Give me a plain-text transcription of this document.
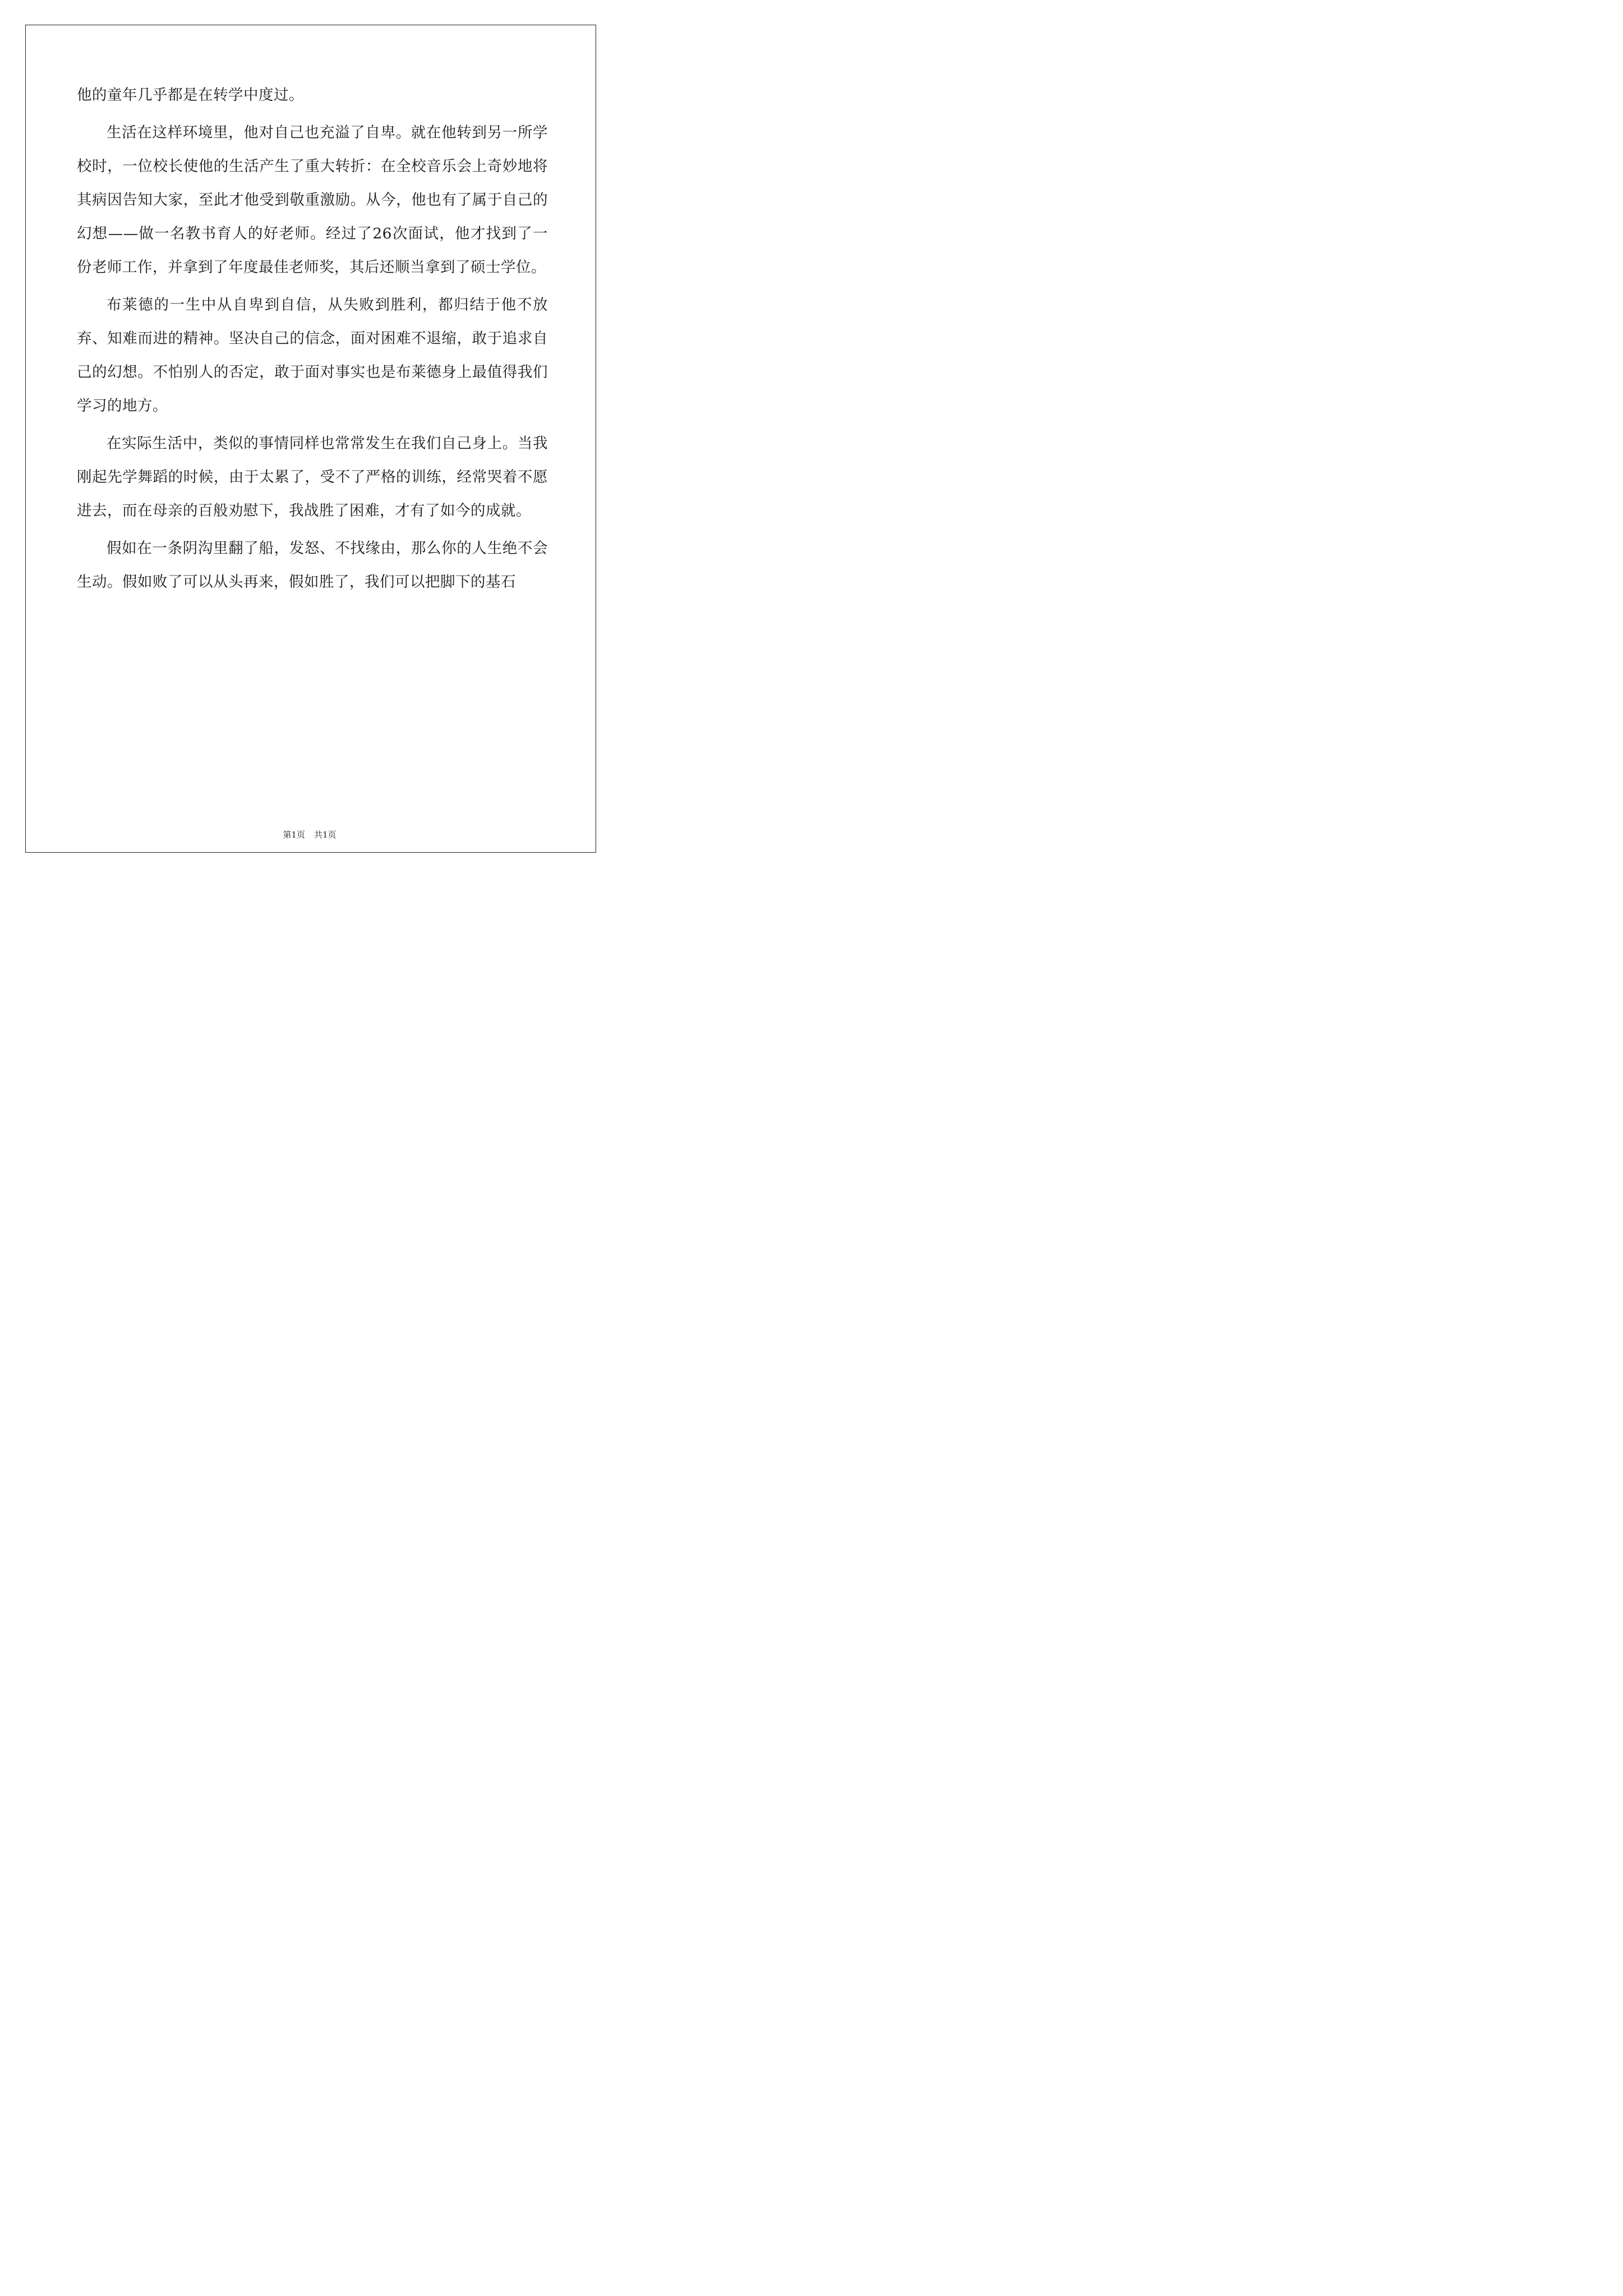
他的童年几乎都是在转学中度过。

生活在这样环境里，他对自己也充溢了自卑。就在他转到另一所学校时，一位校长使他的生活产生了重大转折：在全校音乐会上奇妙地将其病因告知大家，至此才他受到敬重激励。从今，他也有了属于自己的幻想——做一名教书育人的好老师。经过了26次面试，他才找到了一份老师工作，并拿到了年度最佳老师奖，其后还顺当拿到了硕士学位。

布莱德的一生中从自卑到自信，从失败到胜利，都归结于他不放弃、知难而进的精神。坚决自己的信念，面对困难不退缩，敢于追求自己的幻想。不怕别人的否定，敢于面对事实也是布莱德身上最值得我们学习的地方。

在实际生活中，类似的事情同样也常常发生在我们自己身上。当我刚起先学舞蹈的时候，由于太累了，受不了严格的训练，经常哭着不愿进去，而在母亲的百般劝慰下，我战胜了困难，才有了如今的成就。

假如在一条阴沟里翻了船，发怒、不找缘由，那么你的人生绝不会生动。假如败了可以从头再来，假如胜了，我们可以把脚下的基石

第1页 共1页
